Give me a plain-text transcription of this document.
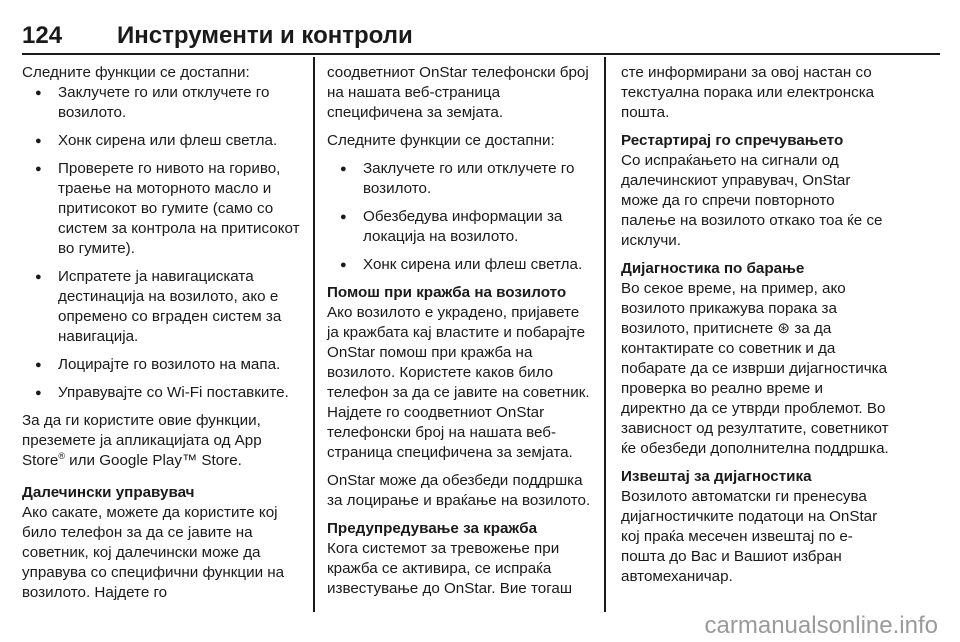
124 Инструменти и контроли

Следните функции се достапни:

● Заклучете го или отклучете го возилото.
● Хонк сирена или флеш светла.
● Проверете го нивото на гориво, траење на моторното масло и притисокот во гумите (само со систем за контрола на притисокот во гумите).
● Испратете ја навигациската дестинација на возилото, ако е опремено со вграден систем за навигација.
● Лоцирајте го возилото на мапа.
● Управувајте со Wi-Fi поставките.

За да ги користите овие функции, преземете ја апликацијата од App Store® или Google Play™ Store.

Далечински управувач

Ако сакате, можете да користите кој било телефон за да се јавите на советник, кој далечински може да управува со специфични функции на возилото. Најдете го

соодветниот OnStar телефонски број на нашата веб-страница специфичена за земјата.

Следните функции се достапни:

● Заклучете го или отклучете го возилото.
● Обезбедува информации за локација на возилото.
● Хонк сирена или флеш светла.

Помош при кражба на возилото

Ако возилото е украдено, пријавете ја кражбата кај властите и побарајте OnStar помош при кражба на возилото. Користете каков било телефон за да се јавите на советник. Најдете го соодветниот OnStar телефонски број на нашата веб-страница специфичена за земјата.

OnStar може да обезбеди поддршка за лоцирање и враќање на возилото.

Предупредување за кражба

Кога системот за тревожење при кражба се активира, се испраќа известување до OnStar. Вие тогаш

сте информирани за овој настан со текстуална порака или електронска пошта.

Рестартирај го спречувањето

Со испраќањето на сигнали од далечинскиот управувач, OnStar може да го спречи повторното палење на возилото откако тоа ќе се исклучи.

Дијагностика по барање

Во секое време, на пример, ако возилото прикажува порака за возилото, притиснете ⊛ за да контактирате со советник и да побарате да се изврши дијагностичка проверка во реално време и директно да се утврди проблемот. Во зависност од резултатите, советникот ќе обезбеди дополнителна поддршка.

Извештај за дијагностика

Возилото автоматски ги пренесува дијагностичките податоци на OnStar кој праќа месечен извештај по е-пошта до Вас и Вашиот избран автомеханичар.

carmanualsonline.info
